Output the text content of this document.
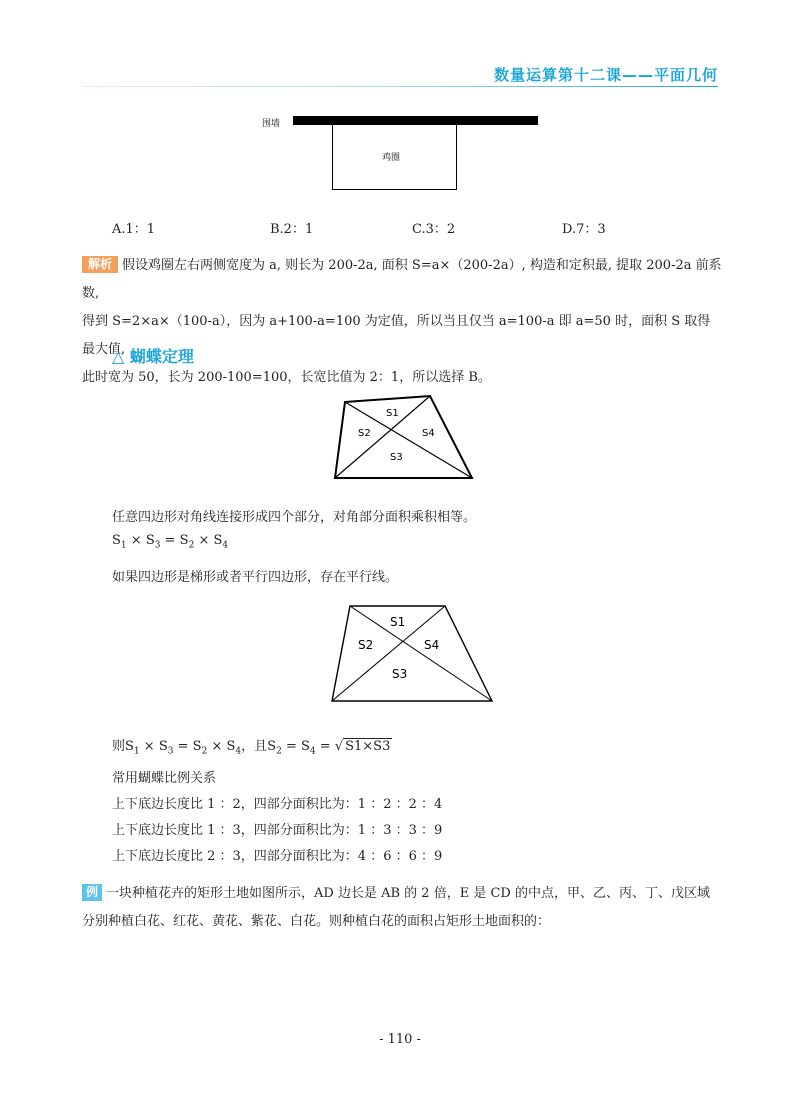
数量运算第十二课——平面几何
围墙
鸡圈
A.1：1	B.2：1	C.3：2	D.7：3
解析 假设鸡圈左右两侧宽度为 a, 则长为 200-2a, 面积 S=a×（200-2a）, 构造和定积最, 提取 200-2a 前系数,
得到 S=2×a×（100-a），因为 a+100-a=100 为定值，所以当且仅当 a=100-a 即 a=50 时，面积 S 取得最大值,
此时宽为 50，长为 200-100=100，长宽比值为 2：1，所以选择 B。
△ 蝴蝶定理
S1
S2
S3
S4
任意四边形对角线连接形成四个部分，对角部分面积乘积相等。
$S_1 \times S_3 = S_2 \times S_4$
如果四边形是梯形或者平行四边形，存在平行线。
S1
S2
S3
S4
则$S_1 \times S_3 = S_2 \times S_4$，且$S_2 = S_4$ = √ S1×S3
常用蝴蝶比例关系
上下底边长度比 1 ：2，四部分面积比为：1 ：2 ：2 ：4
上下底边长度比 1 ：3，四部分面积比为：1 ：3 ：3 ：9
上下底边长度比 2 ：3，四部分面积比为：4 ：6 ：6 ：9
例 一块种植花卉的矩形土地如图所示，AD 边长是 AB 的 2 倍，E 是 CD 的中点，甲、乙、丙、丁、戊区域
分别种植白花、红花、黄花、紫花、白花。则种植白花的面积占矩形土地面积的：
- 110 -
